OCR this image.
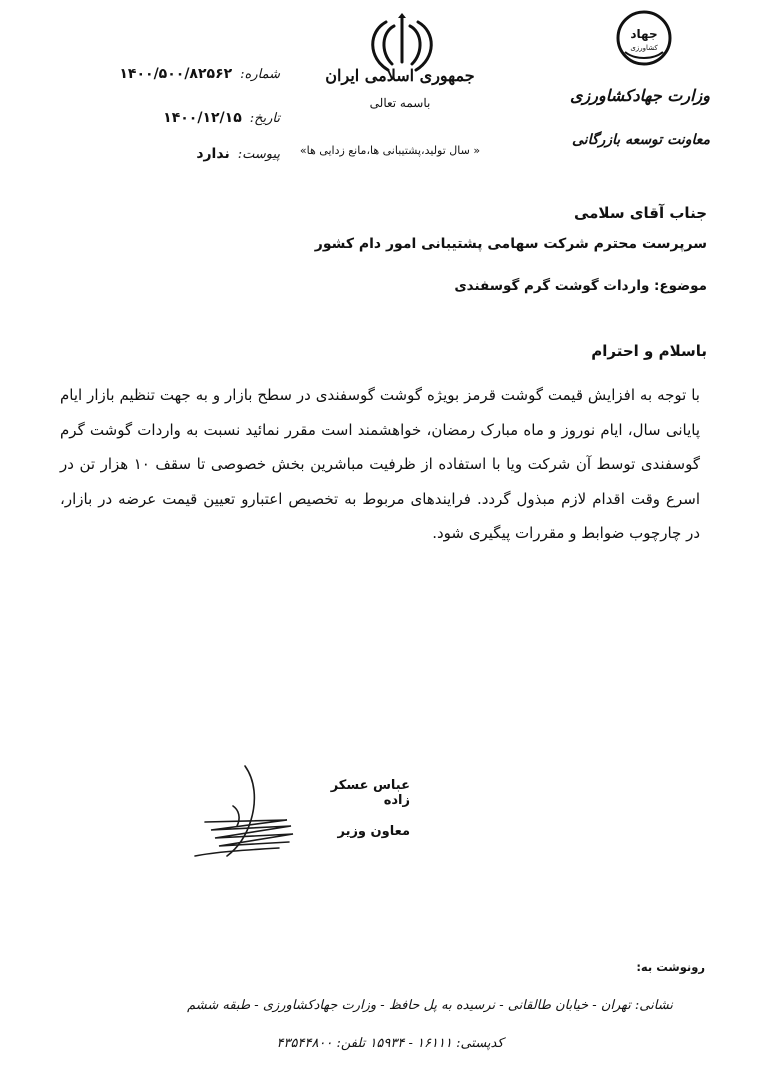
جمهوری اسلامی ایران
باسمه تعالی
« سال تولید،پشتیبانی ها،مانع زدایی ها»
جهاد
کشاورزی
وزارت جهادکشاورزی
معاونت توسعه بازرگانی
شماره:۱۴۰۰/۵۰۰/۸۲۵۶۲
تاریخ:۱۴۰۰/۱۲/۱۵
پیوست:ندارد
جناب آقای سلامی
سرپرست محترم شرکت سهامی پشتیبانی امور دام کشور
موضوع: واردات گوشت گرم گوسفندی
باسلام و احترام
با توجه به افزایش قیمت گوشت قرمز بویژه گوشت گوسفندی در سطح بازار و به جهت تنظیم بازار ایام پایانی سال، ایام نوروز و ماه مبارک رمضان، خواهشمند است مقرر نمائید نسبت به واردات گوشت گرم گوسفندی توسط آن شرکت ویا با استفاده از ظرفیت مباشرین بخش خصوصی تا سقف ۱۰ هزار تن در اسرع وقت اقدام لازم مبذول گردد. فرایندهای مربوط به تخصیص اعتبارو تعیین قیمت عرضه در بازار، در چارچوب ضوابط و مقررات پیگیری شود.
عباس عسکر زاده
معاون وزیر
رونوشت به:
نشانی: تهران - خیابان طالقانی - نرسیده به پل حافظ - وزارت جهادکشاورزی - طبقه ششم
کدپستی: ۱۶۱۱۱ - ۱۵۹۳۴ تلفن: ۴۳۵۴۴۸۰۰
